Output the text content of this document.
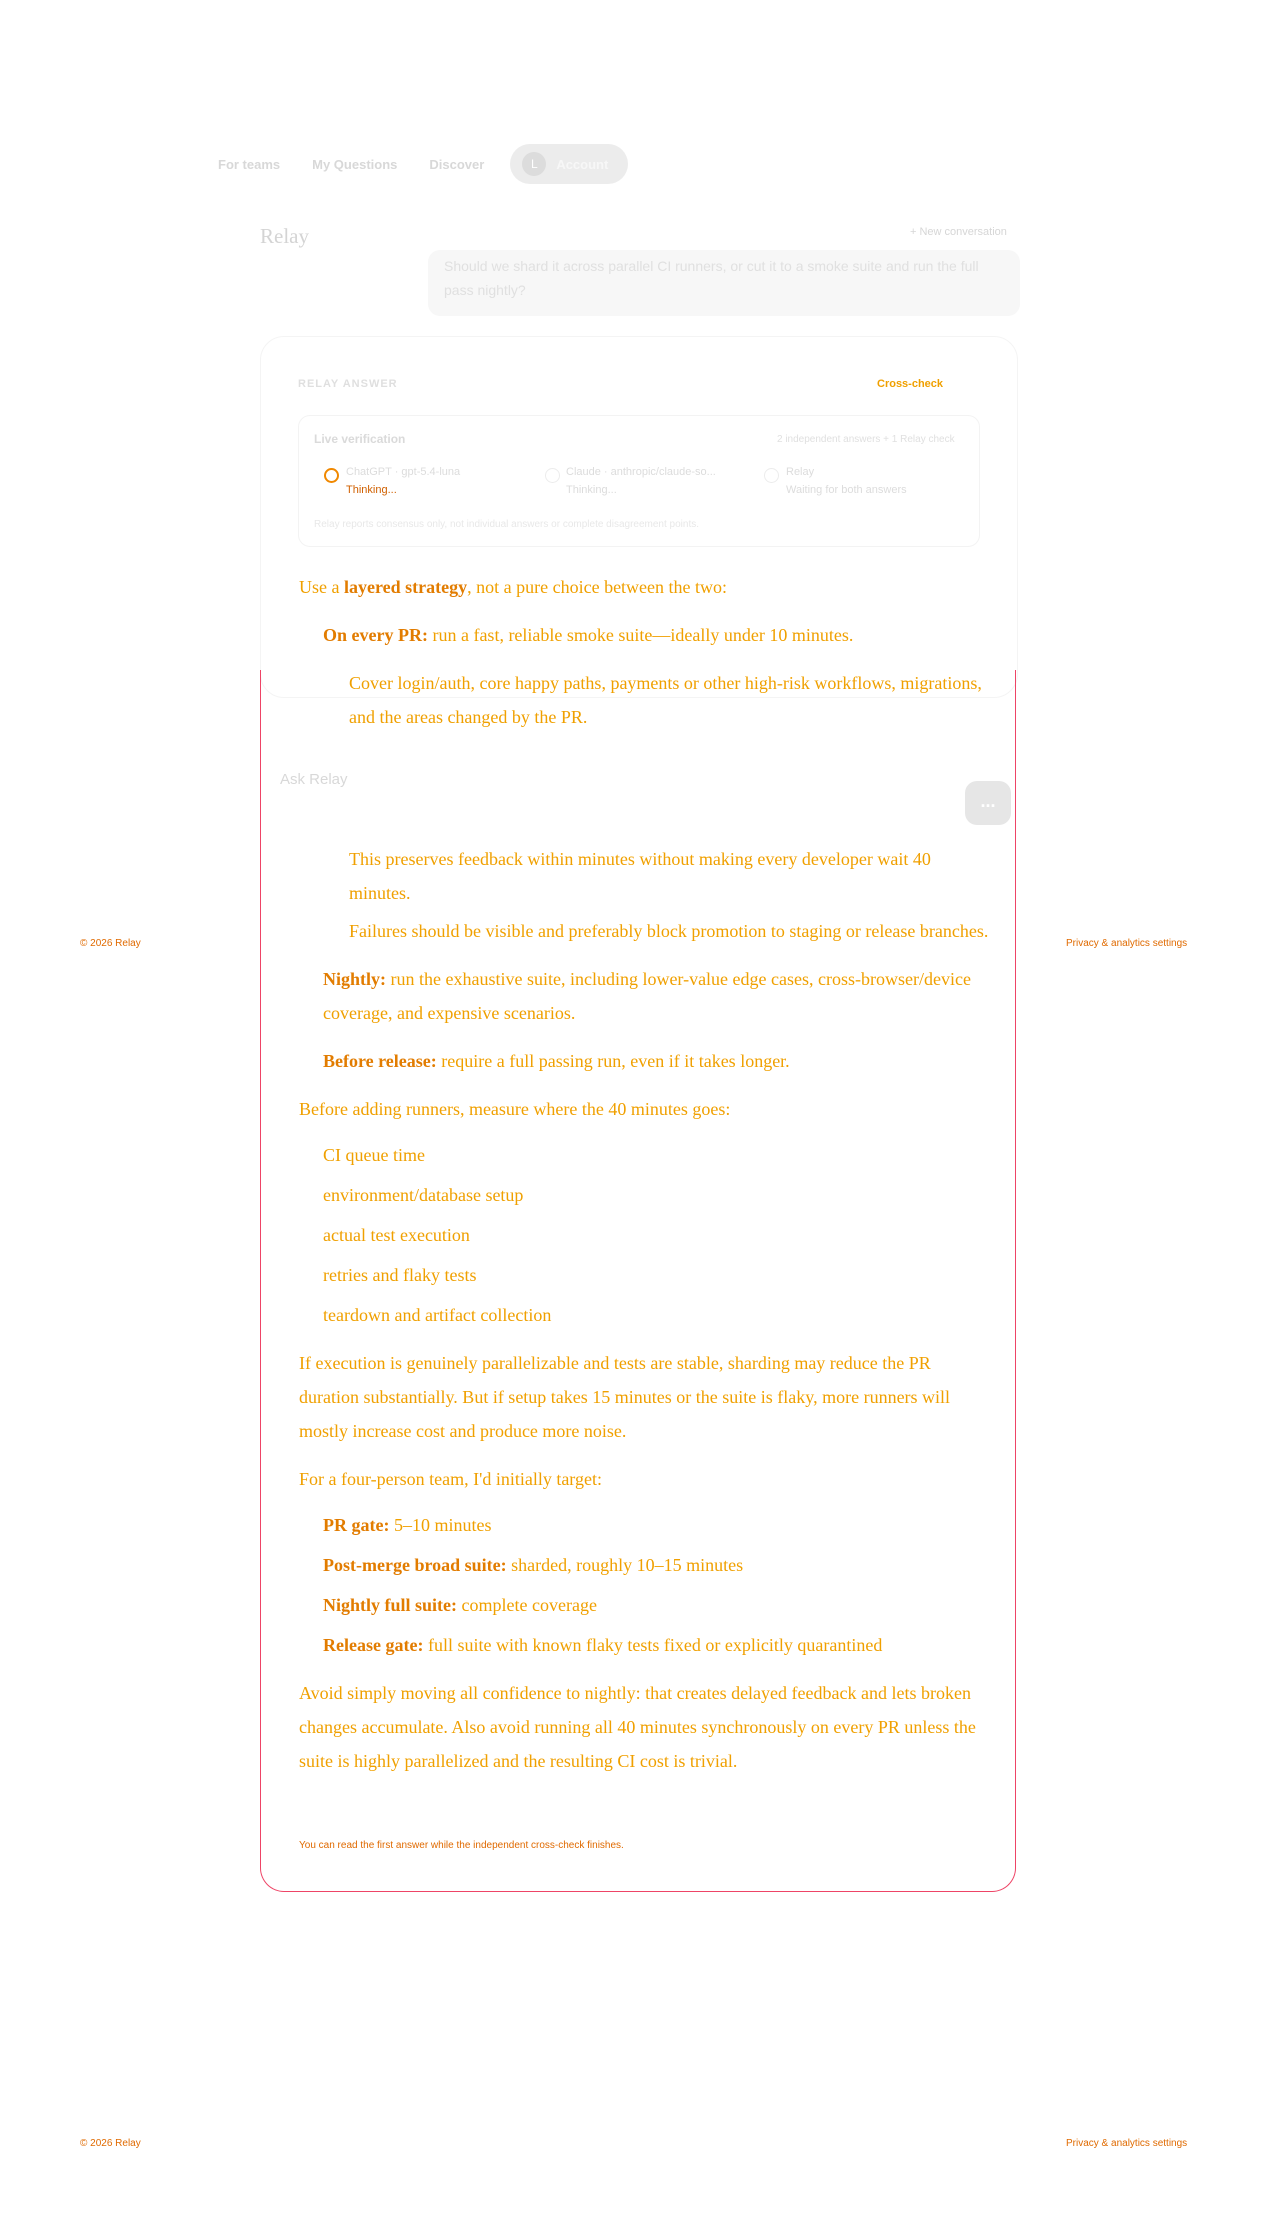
For teams	My Questions	Discover	L	Account
Relay	+ New conversation
Should we shard it across parallel CI runners, or cut it to a smoke suite and run the full pass nightly?
RELAY ANSWER	Cross-check
Live verification	2 independent answers + 1 Relay check
ChatGPT · gpt-5.4-luna
Thinking...
Claude · anthropic/claude-so...
Thinking...
Relay
Waiting for both answers
Relay reports consensus only, not individual answers or complete disagreement points.

Use a layered strategy, not a pure choice between the two:

On every PR: run a fast, reliable smoke suite—ideally under 10 minutes.

Cover login/auth, core happy paths, payments or other high-risk workflows, migrations, and the areas changed by the PR.

This preserves feedback within minutes without making every developer wait 40 minutes.

Failures should be visible and preferably block promotion to staging or release branches.

Nightly: run the exhaustive suite, including lower-value edge cases, cross-browser/device coverage, and expensive scenarios.

Before release: require a full passing run, even if it takes longer.

Before adding runners, measure where the 40 minutes goes:

CI queue time

environment/database setup

actual test execution

retries and flaky tests

teardown and artifact collection

If execution is genuinely parallelizable and tests are stable, sharding may reduce the PR duration substantially. But if setup takes 15 minutes or the suite is flaky, more runners will mostly increase cost and produce more noise.

For a four-person team, I'd initially target:

PR gate: 5–10 minutes

Post-merge broad suite: sharded, roughly 10–15 minutes

Nightly full suite: complete coverage

Release gate: full suite with known flaky tests fixed or explicitly quarantined

Avoid simply moving all confidence to nightly: that creates delayed feedback and lets broken changes accumulate. Also avoid running all 40 minutes synchronously on every PR unless the suite is highly parallelized and the resulting CI cost is trivial.

Ask Relay
...
You can read the first answer while the independent cross-check finishes.
© 2026 Relay	Privacy & analytics settings
© 2026 Relay	Privacy & analytics settings
